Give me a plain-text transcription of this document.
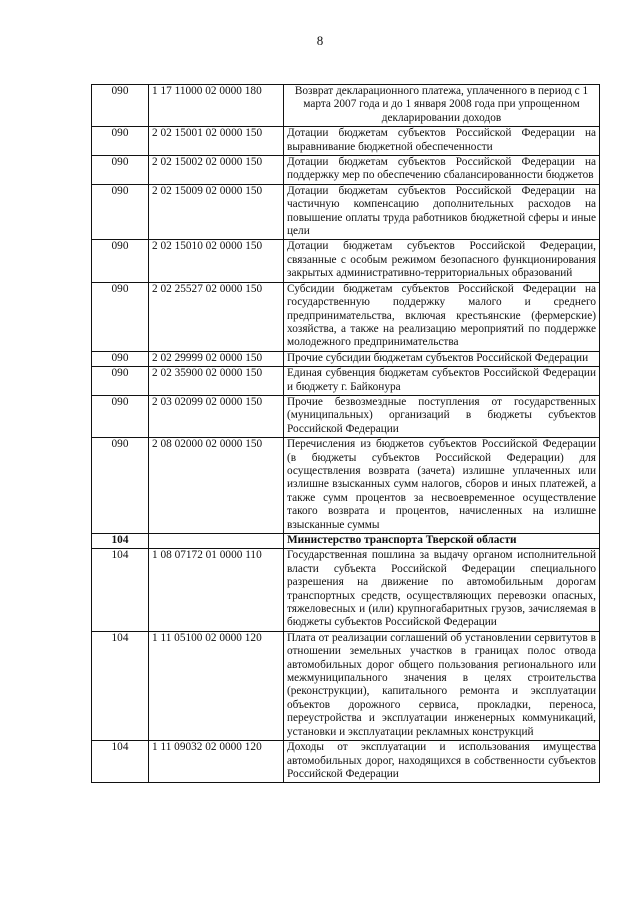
8
090	1 17 11000 02 0000 180	Возврат декларационного платежа, уплаченного в период с 1 марта 2007 года и до 1 января 2008 года при упрощенном декларировании доходов
090	2 02 15001 02 0000 150	Дотации бюджетам субъектов Российской Федерации на выравнивание бюджетной обеспеченности
090	2 02 15002 02 0000 150	Дотации бюджетам субъектов Российской Федерации на поддержку мер по обеспечению сбалансированности бюджетов
090	2 02 15009 02 0000 150	Дотации бюджетам субъектов Российской Федерации на частичную компенсацию дополнительных расходов на повышение оплаты труда работников бюджетной сферы и иные цели
090	2 02 15010 02 0000 150	Дотации бюджетам субъектов Российской Федерации, связанные с особым режимом безопасного функционирования закрытых административно-территориальных образований
090	2 02 25527 02 0000 150	Субсидии бюджетам субъектов Российской Федерации на государственную поддержку малого и среднего предпринимательства, включая крестьянские (фермерские) хозяйства, а также на реализацию мероприятий по поддержке молодежного предпринимательства
090	2 02 29999 02 0000 150	Прочие субсидии бюджетам субъектов Российской Федерации
090	2 02 35900 02 0000 150	Единая субвенция бюджетам субъектов Российской Федерации и бюджету г. Байконура
090	2 03 02099 02 0000 150	Прочие безвозмездные поступления от государственных (муниципальных) организаций в бюджеты субъектов Российской Федерации
090	2 08 02000 02 0000 150	Перечисления из бюджетов субъектов Российской Федерации (в бюджеты субъектов Российской Федерации) для осуществления возврата (зачета) излишне уплаченных или излишне взысканных сумм налогов, сборов и иных платежей, а также сумм процентов за несвоевременное осуществление такого возврата и процентов, начисленных на излишне взысканные суммы
104		Министерство транспорта Тверской области
104	1 08 07172 01 0000 110	Государственная пошлина за выдачу органом исполнительной власти субъекта Российской Федерации специального разрешения на движение по автомобильным дорогам транспортных средств, осуществляющих перевозки опасных, тяжеловесных и (или) крупногабаритных грузов, зачисляемая в бюджеты субъектов Российской Федерации
104	1 11 05100 02 0000 120	Плата от реализации соглашений об установлении сервитутов в отношении земельных участков в границах полос отвода автомобильных дорог общего пользования регионального или межмуниципального значения в целях строительства (реконструкции), капитального ремонта и эксплуатации объектов дорожного сервиса, прокладки, переноса, переустройства и эксплуатации инженерных коммуникаций, установки и эксплуатации рекламных конструкций
104	1 11 09032 02 0000 120	Доходы от эксплуатации и использования имущества автомобильных дорог, находящихся в собственности субъектов Российской Федерации
